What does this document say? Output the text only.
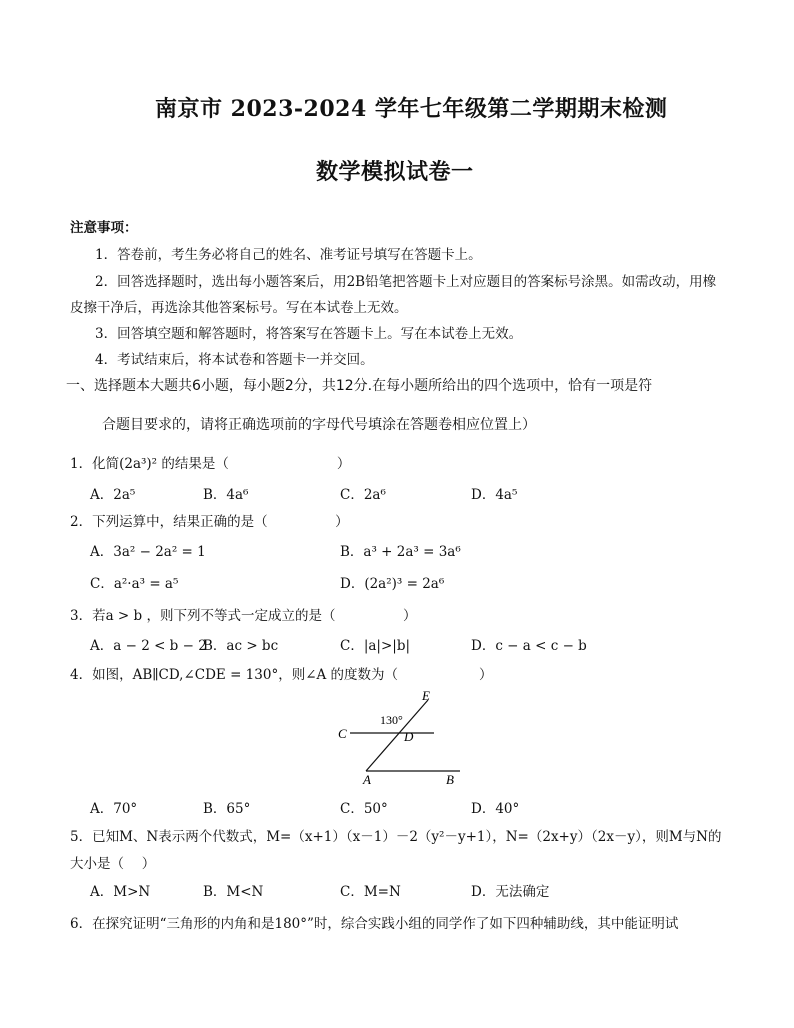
南京市 2023-2024 学年七年级第二学期期末检测
数学模拟试卷一
注意事项：
1．答卷前，考生务必将自己的姓名、准考证号填写在答题卡上。
2．回答选择题时，选出每小题答案后，用2B铅笔把答题卡上对应题目的答案标号涂黑。如需改动，用橡
皮擦干净后，再选涂其他答案标号。写在本试卷上无效。
3．回答填空题和解答题时，将答案写在答题卡上。写在本试卷上无效。
4．考试结束后，将本试卷和答题卡一并交回。
一、选择题本大题共6小题，每小题2分，共12分.在每小题所给出的四个选项中，恰有一项是符
合题目要求的，请将正确选项前的字母代号填涂在答题卷相应位置上）
1．化简(2a³)² 的结果是（　　　　　　　　）
A．2a⁵	B．4a⁶	C．2a⁶	D．4a⁵
2．下列运算中，结果正确的是（　　　　　）
A．3a² − 2a² = 1	B．a³ + 2a³ = 3a⁶
C．a²·a³ = a⁵	D．(2a²)³ = 2a⁶
3．若a > b ，则下列不等式一定成立的是（　　　　　）
A．a − 2 < b − 2
B．ac > bc	C．|a|>|b|	D．c − a < c − b
4．如图，AB∥CD,∠CDE = 130°，则∠A 的度数为（　　　　　　）
E
130°
C	D
A	B
A．70°	B．65°	C．50°	D．40°
5．已知M、N表示两个代数式，M=（x+1）（x－1）－2（y²－y+1），N=（2x+y）（2x－y），则M与N的
大小是（　 ）
A．M>N	B．M<N	C．M=N	D．无法确定
6．在探究证明“三角形的内角和是180°”时，综合实践小组的同学作了如下四种辅助线，其中能证明试
